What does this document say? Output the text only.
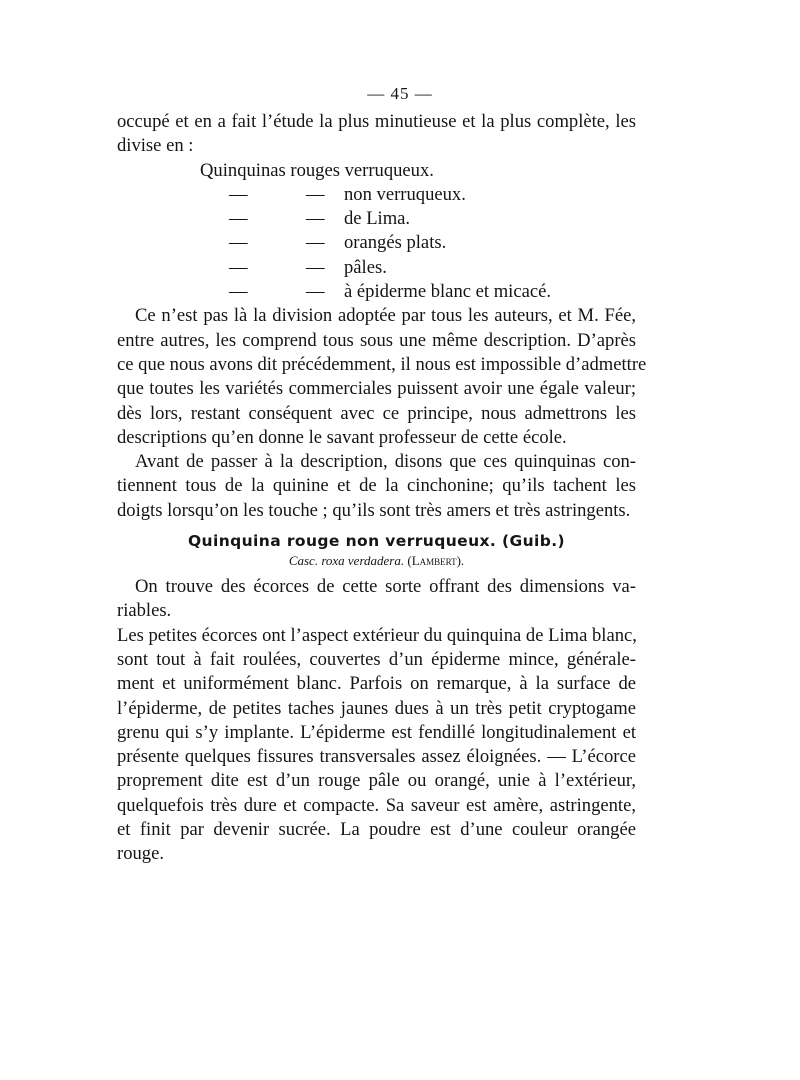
— 45 —
occupé et en a fait l’étude la plus minutieuse et la plus complète, les
divise en :
Quinquinas rouges verruqueux.
—	— non verruqueux.
—	— de Lima.
—	— orangés plats.
—	— pâles.
—	— à épiderme blanc et micacé.
Ce n’est pas là la division adoptée par tous les auteurs, et M. Fée,
entre autres, les comprend tous sous une même description. D’après
ce que nous avons dit précédemment, il nous est impossible d’admettre
que toutes les variétés commerciales puissent avoir une égale valeur;
dès lors, restant conséquent avec ce principe, nous admettrons les
descriptions qu’en donne le savant professeur de cette école.
Avant de passer à la description, disons que ces quinquinas con-
tiennent tous de la quinine et de la cinchonine; qu’ils tachent les
doigts lorsqu’on les touche ; qu’ils sont très amers et très astringents.
Quinquina rouge non verruqueux. (Guib.)
Casc. roxa verdadera. (Lambert).
On trouve des écorces de cette sorte offrant des dimensions va-
riables.
Les petites écorces ont l’aspect extérieur du quinquina de Lima blanc,
sont tout à fait roulées, couvertes d’un épiderme mince, générale-
ment et uniformément blanc. Parfois on remarque, à la surface de
l’épiderme, de petites taches jaunes dues à un très petit cryptogame
grenu qui s’y implante. L’épiderme est fendillé longitudinalement et
présente quelques fissures transversales assez éloignées. — L’écorce
proprement dite est d’un rouge pâle ou orangé, unie à l’extérieur,
quelquefois très dure et compacte. Sa saveur est amère, astringente,
et finit par devenir sucrée. La poudre est d’une couleur orangée
rouge.
